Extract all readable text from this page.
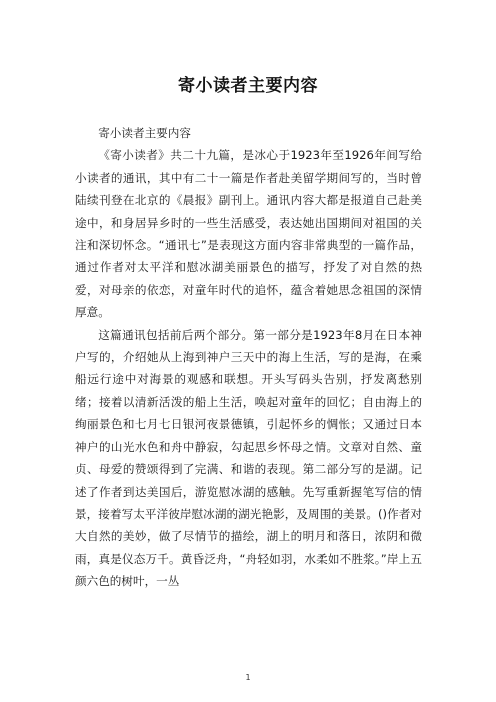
寄小读者主要内容

寄小读者主要内容

《寄小读者》共二十九篇，是冰心于1923年至1926年间写给小读者的通讯，其中有二十一篇是作者赴美留学期间写的，当时曾陆续刊登在北京的《晨报》副刊上。通讯内容大都是报道自己赴美途中，和身居异乡时的一些生活感受，表达她出国期间对祖国的关注和深切怀念。“通讯七”是表现这方面内容非常典型的一篇作品，通过作者对太平洋和慰冰湖美丽景色的描写，抒发了对自然的热爱，对母亲的依恋，对童年时代的追怀，蕴含着她思念祖国的深情厚意。

这篇通讯包括前后两个部分。第一部分是1923年8月在日本神户写的，介绍她从上海到神户三天中的海上生活，写的是海，在乘船远行途中对海景的观感和联想。开头写码头告别，抒发离愁别绪；接着以清新活泼的船上生活，唤起对童年的回忆；自由海上的绚丽景色和七月七日银河夜景德镇，引起怀乡的惆怅；又通过日本神户的山光水色和舟中静寂，勾起思乡怀母之情。文章对自然、童贞、母爱的赞颂得到了完满、和谐的表现。第二部分写的是湖。记述了作者到达美国后，游览慰冰湖的感触。先写重新握笔写信的情景，接着写太平洋彼岸慰冰湖的湖光艳影，及周围的美景。()作者对大自然的美妙，做了尽情节的描绘，湖上的明月和落日，浓阴和微雨，真是仪态万千。黄昏泛舟，“舟轻如羽，水柔如不胜浆。”岸上五颜六色的树叶，一丛

1
